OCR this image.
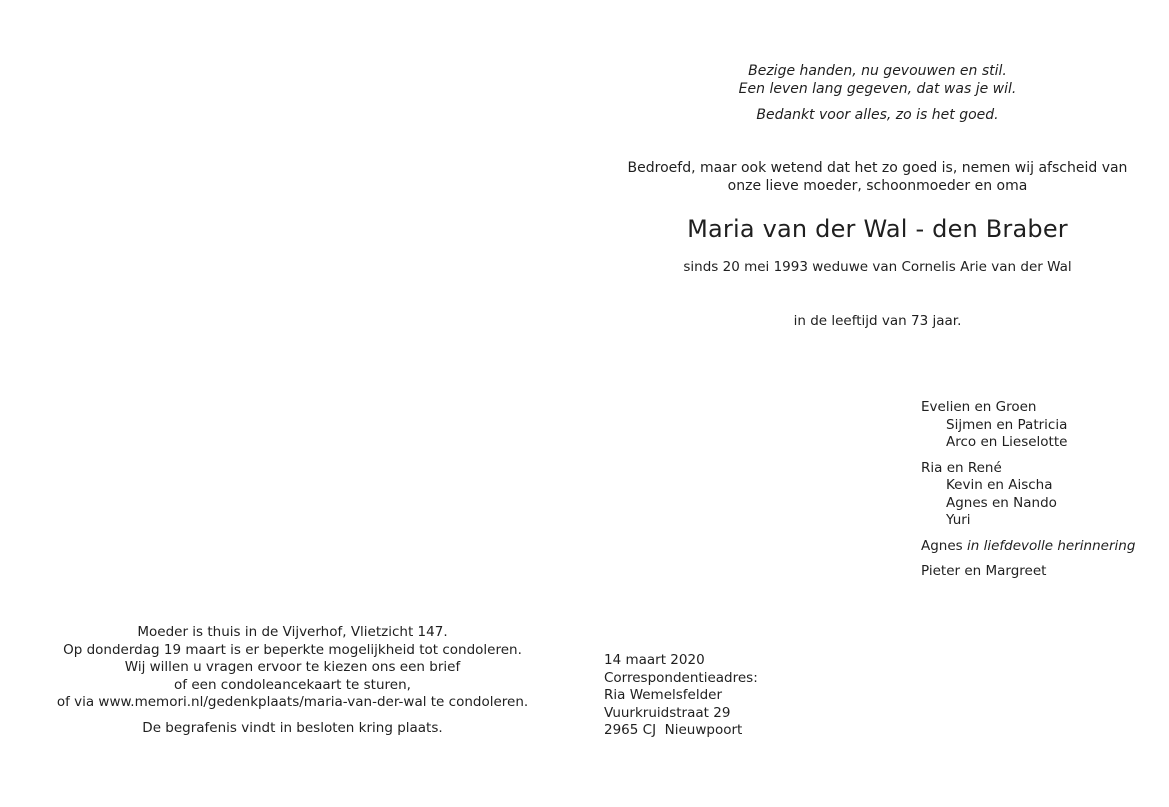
Bezige handen, nu gevouwen en stil.
Een leven lang gegeven, dat was je wil.
Bedankt voor alles, zo is het goed.
Bedroefd, maar ook wetend dat het zo goed is, nemen wij afscheid van
onze lieve moeder, schoonmoeder en oma
Maria van der Wal - den Braber
sinds 20 mei 1993 weduwe van Cornelis Arie van der Wal
in de leeftijd van 73 jaar.
Evelien en Groen
Sijmen en Patricia
Arco en Lieselotte
Ria en René
Kevin en Aischa
Agnes en Nando
Yuri
Agnes in liefdevolle herinnering
Pieter en Margreet
Moeder is thuis in de Vijverhof, Vlietzicht 147.
Op donderdag 19 maart is er beperkte mogelijkheid tot condoleren.
Wij willen u vragen ervoor te kiezen ons een brief
of een condoleancekaart te sturen,
of via www.memori.nl/gedenkplaats/maria-van-der-wal te condoleren.
De begrafenis vindt in besloten kring plaats.
14 maart 2020
Correspondentieadres:
Ria Wemelsfelder
Vuurkruidstraat 29
2965 CJ  Nieuwpoort
